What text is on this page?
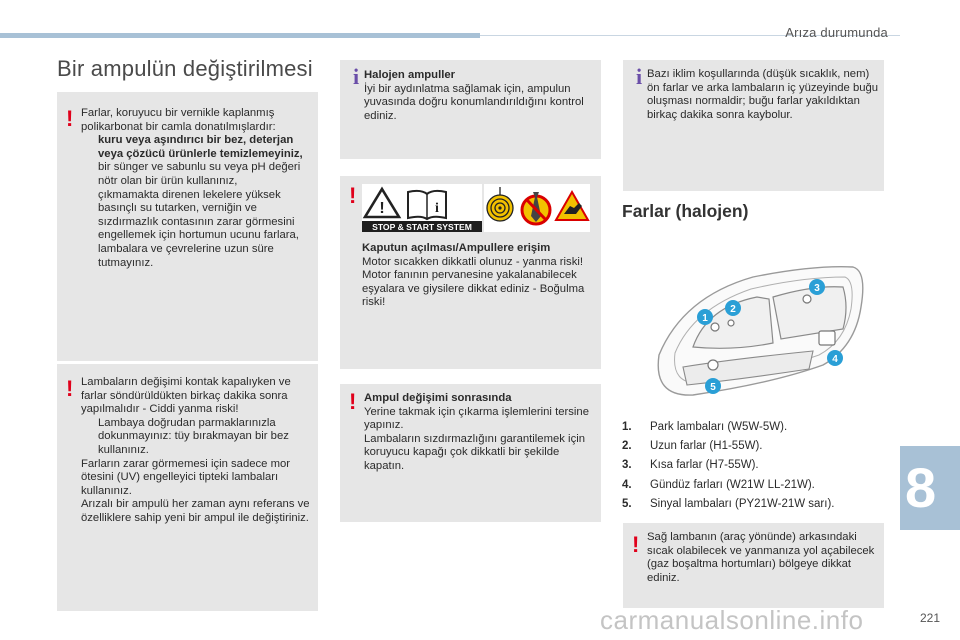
Arıza durumunda
Bir ampulün değiştirilmesi
! Farlar, koruyucu bir vernikle kaplanmış polikarbonat bir camla donatılmışlardır:
kuru veya aşındırıcı bir bez, deterjan veya çözücü ürünlerle temizlemeyiniz,
bir sünger ve sabunlu su veya pH değeri nötr olan bir ürün kullanınız,
çıkmamakta direnen lekelere yüksek basınçlı su tutarken, verniğin ve sızdırmazlık contasının zarar görmesini engellemek için hortumun ucunu farlara, lambalara ve çevrelerine uzun süre tutmayınız.
! Lambaların değişimi kontak kapalıyken ve farlar söndürüldükten birkaç dakika sonra yapılmalıdır - Ciddi yanma riski!
Lambaya doğrudan parmaklarınızla dokunmayınız: tüy bırakmayan bir bez kullanınız.
Farların zarar görmemesi için sadece mor ötesini (UV) engelleyici tipteki lambaları kullanınız.
Arızalı bir ampulü her zaman aynı referans ve özelliklere sahip yeni bir ampul ile değiştiriniz.
i Halojen ampuller
İyi bir aydınlatma sağlamak için, ampulun yuvasında doğru konumlandırıldığını kontrol ediniz.
!
!	i
STOP & START SYSTEM
Kaputun açılması/Ampullere erişim
Motor sıcakken dikkatli olunuz - yanma riski!
Motor fanının pervanesine yakalanabilecek eşyalara ve giysilere dikkat ediniz - Boğulma riski!
! Ampul değişimi sonrasında
Yerine takmak için çıkarma işlemlerini tersine yapınız.
Lambaların sızdırmazlığını garantilemek için koruyucu kapağı çok dikkatli bir şekilde kapatın.
i Bazı iklim koşullarında (düşük sıcaklık, nem) ön farlar ve arka lambaların iç yüzeyinde buğu oluşması normaldir; buğu farlar yakıldıktan birkaç dakika sonra kaybolur.
Farlar (halojen)
1
2
3
4
5
1.	Park lambaları (W5W-5W).
2.	Uzun farlar (H1-55W).
3.	Kısa farlar (H7-55W).
4.	Gündüz farları (W21W LL-21W).
5.	Sinyal lambaları (PY21W-21W sarı).
! Sağ lambanın (araç yönünde) arkasındaki sıcak olabilecek ve yanmanıza yol açabilecek (gaz boşaltma hortumları) bölgeye dikkat ediniz.
8
carmanualsonline.info	221
